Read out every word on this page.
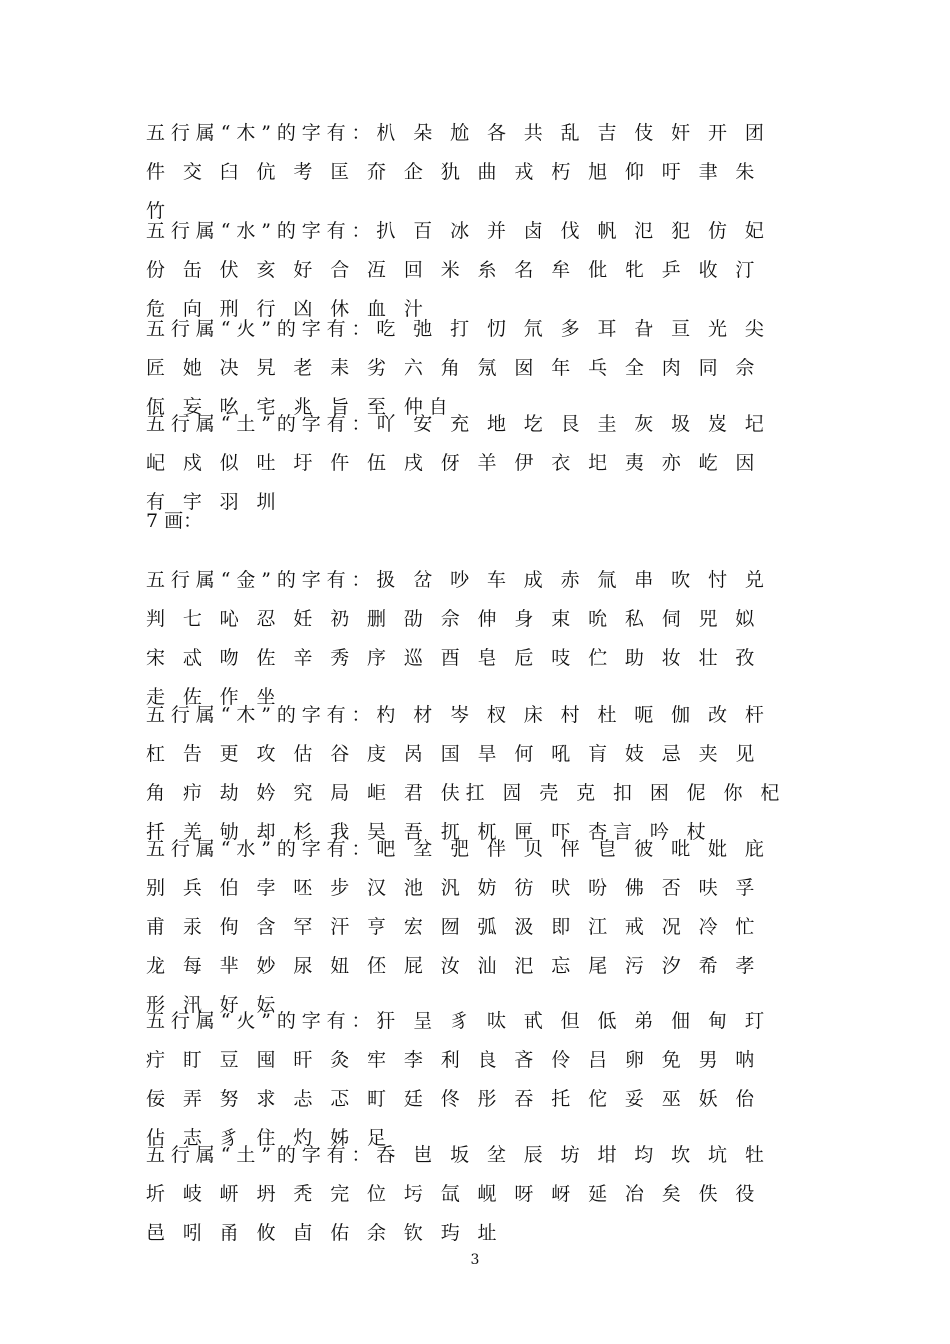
五行属“木”的字有：朳 朵 尬 各 共 乱 吉 伎 奸 开 团 件 交 臼 伉 考 匡 夼 企 犰 曲 戎 朽 旭 仰 吁 聿 朱 竹
五行属“水”的字有：扒 百 冰 并 卤 伐 帆 氾 犯 仿 妃 份 缶 伏 亥 好 合 冱 回 米 糸 名 牟 仳 牝 乒 收 汀 危 向 刑 行 凶 休 血 汁
五行属“火”的字有：吃 弛 打 忉 氘 多 耳 旮 亘 光 尖 匠 她 决 旯 老 耒 劣 六 角 氖 囡 年 乓 全 肉 同 佘 佤 妄 吆 宅 兆 旨 至 仲自
五行属“土”的字有：吖 安 充 地 圪 艮 圭 灰 圾 岌 圮 屺 戍 似 吐 圩 仵 伍 戌 伢 羊 伊 衣 圯 夷 亦 屹 因 有 宇 羽 圳
7 画：
五行属“金”的字有：扱 岔 吵 车 成 赤 氚 串 吹 忖 兑 判 七 吣 忍 妊 礽 删 劭 佘 伸 身 束 吮 私 伺 兕 姒 宋 忒 吻 佐 辛 秀 序 巡 酉 皂 卮 吱 伫 助 妆 壮 孜 走 佐 作 坐
五行属“木”的字有：杓 材 岑 杈 床 村 杜 呃 伽 改 杆 杠 告 更 攻 估 谷 庋 呙 国 旱 何 吼 肓 妓 忌 夹 见 角 疖 劫 妗 究 局 岠 君 伕扛 囥 壳 克 扣 困 伲 你 杞 扦 羌 劬 却 杉 我 吴 吾 扤 杌 匣 吓 杏言 吟 杖
五行属“水”的字有：吧 坌 弝 伴 贝 伻 皀 彼 吡 妣 庇 别 兵 伯 孛 呸 步 汉 池 汎 妨 彷 吠 吩 佛 否 呋 孚 甫 汞 佝 含 罕 汗 亨 宏 囫 弧 汲 即 江 戒 况 冷 忙 龙 每 芈 妙 尿 妞 伾 屁 汝 汕 汜 忘 尾 污 汐 希 孝 形 汛 好 妘
五行属“火”的字有：犴 呈 豸 呔 甙 但 低 弟 佃 甸 玎 疔 盯 豆 囤 旰 灸 牢 李 利 良 吝 伶 吕 卵 免 男 呐 佞 弄 努 求 忐 忑 町 廷 佟 彤 吞 托 佗 妥 巫 妖 佁 佔 志 豸 住 灼 姊 足
五行属“土”的字有：呑 岜 坂 坌 辰 坊 坩 均 坎 坑 牡 圻 岐 岍 坍 秃 完 位 圬 氙 岘 呀 岈 延 冶 矣 佚 役 邑 吲 甬 攸 卣 佑 余 钦 玙 址
3
